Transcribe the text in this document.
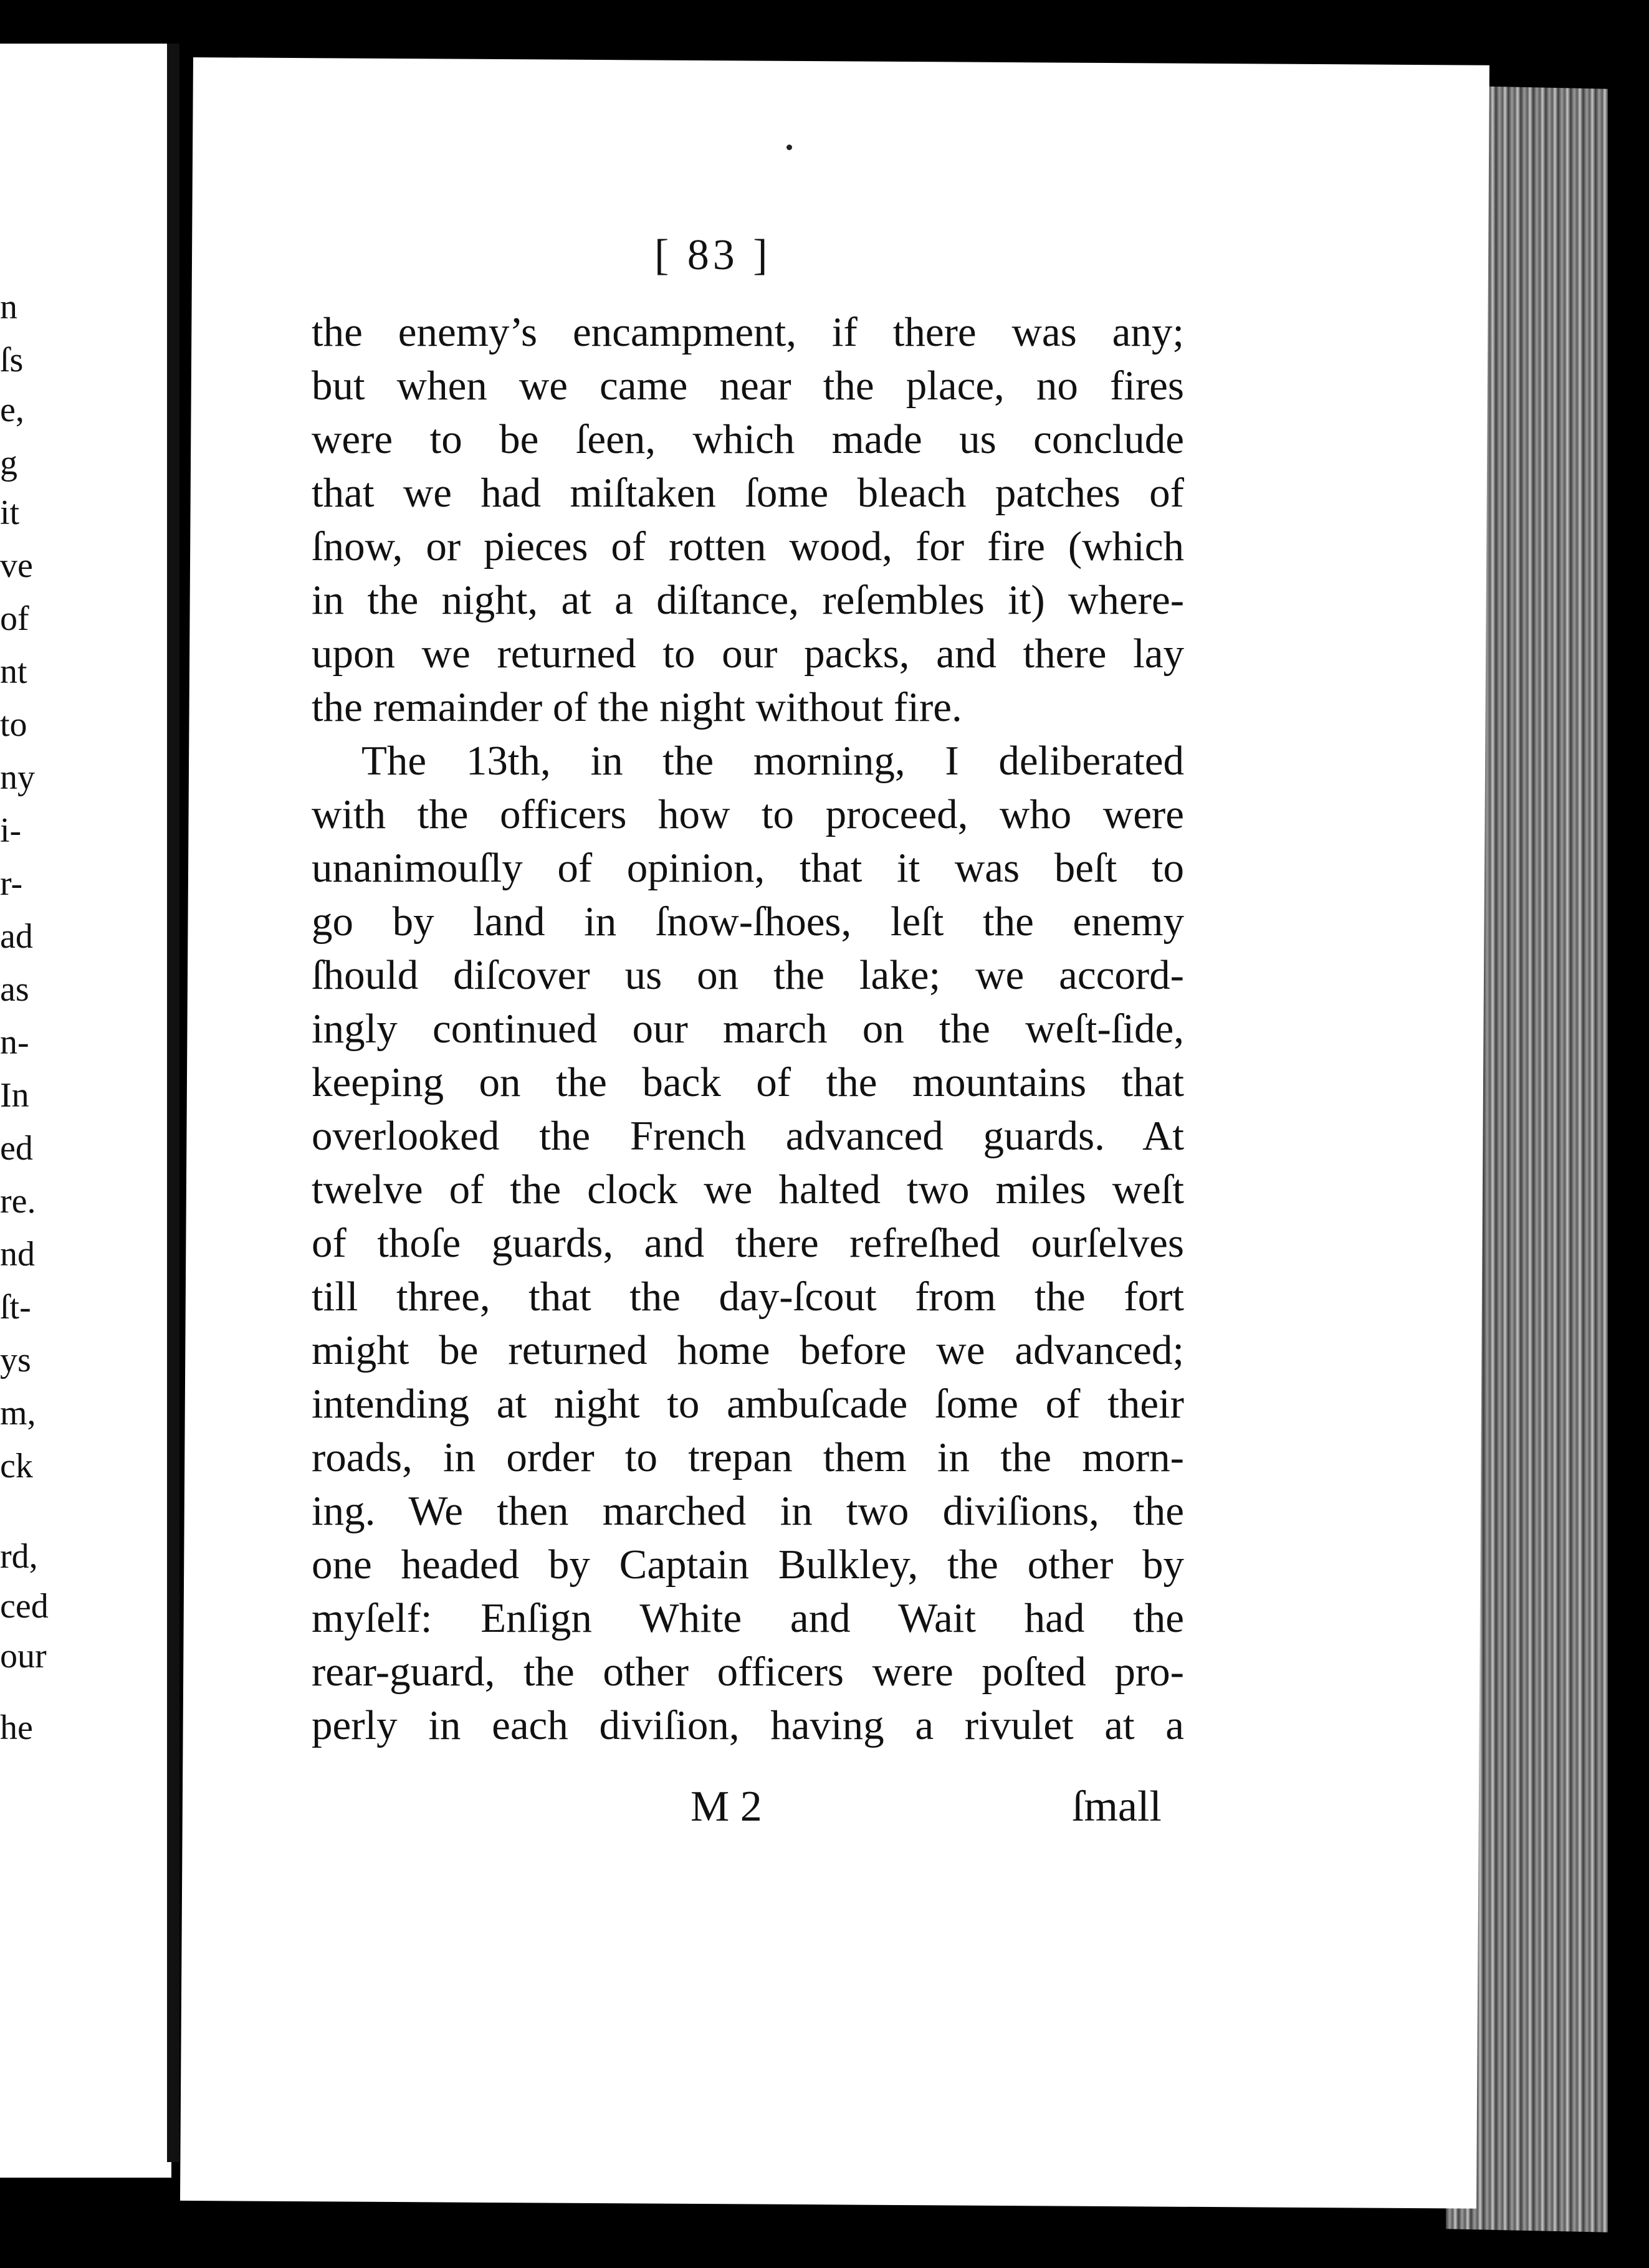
n
ſs
e,
g
it
ve
of
nt
to
ny
i-
r-
ad
as
n-
In
ed
re.
nd
ſt-
ys
m,
ck
rd,
ced
our
he
[ 83 ]
the enemy’s encampment, if there was any;
but when we came near the place, no fires
were to be ſeen, which made us conclude
that we had miſtaken ſome bleach patches of
ſnow, or pieces of rotten wood, for fire (which
in the night, at a diſtance, reſembles it) where-
upon we returned to our packs, and there lay
the remainder of the night without fire.
The 13th, in the morning, I deliberated
with the officers how to proceed, who were
unanimouſly of opinion, that it was beſt to
go by land in ſnow-ſhoes, leſt the enemy
ſhould diſcover us on the lake; we accord-
ingly continued our march on the weſt-ſide,
keeping on the back of the mountains that
overlooked the French advanced guards. At
twelve of the clock we halted two miles weſt
of thoſe guards, and there refreſhed ourſelves
till three, that the day-ſcout from the fort
might be returned home before we advanced;
intending at night to ambuſcade ſome of their
roads, in order to trepan them in the morn-
ing. We then marched in two diviſions, the
one headed by Captain Bulkley, the other by
myſelf: Enſign White and Wait had the
rear-guard, the other officers were poſted pro-
perly in each diviſion, having a rivulet at a
M 2	ſmall
